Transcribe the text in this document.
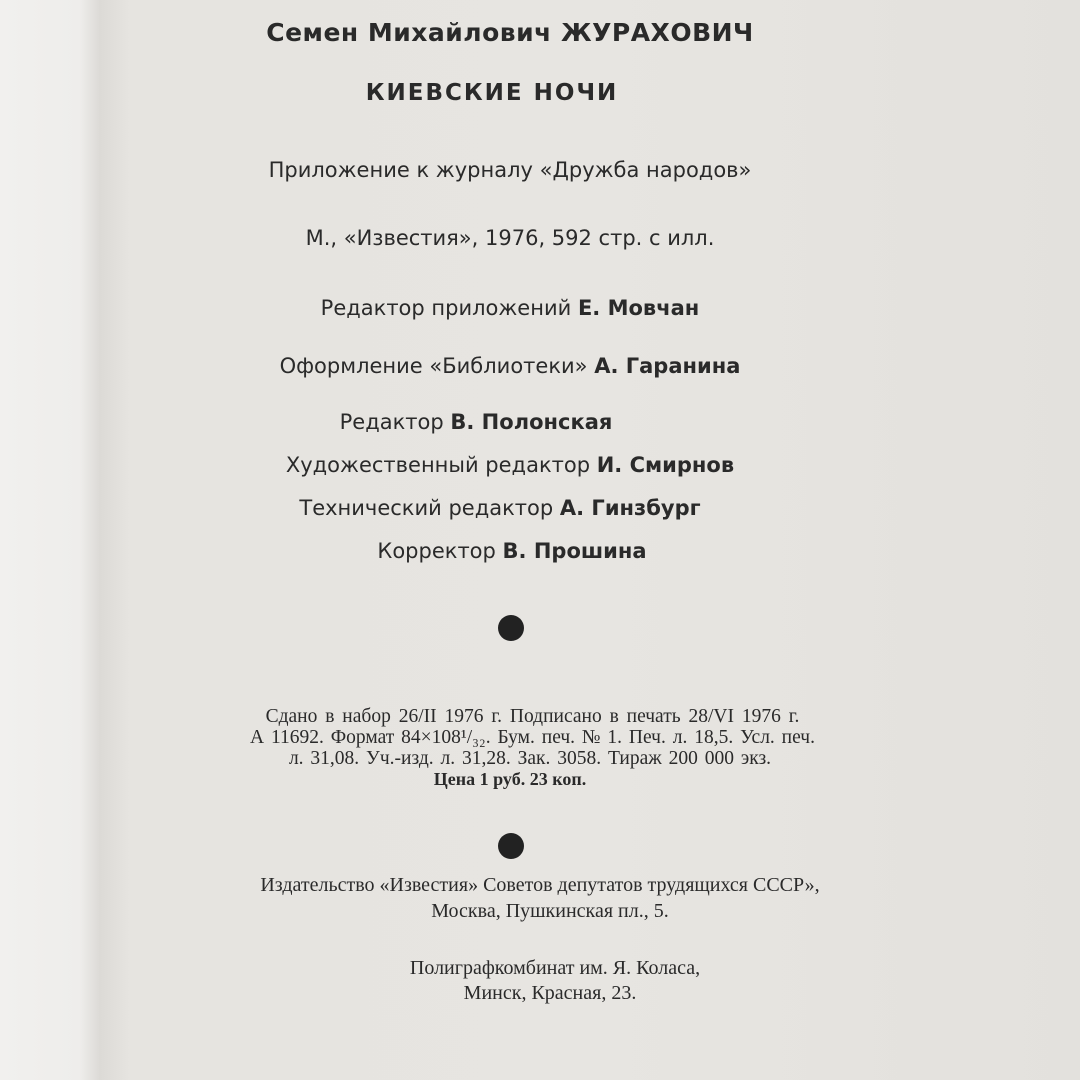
Семен Михайлович ЖУРАХОВИЧ
КИЕВСКИЕ НОЧИ
Приложение к журналу «Дружба народов»
М., «Известия», 1976, 592 стр. с илл.
Редактор приложений Е. Мовчан
Оформление «Библиотеки» А. Гаранина
Редактор В. Полонская
Художественный редактор И. Смирнов
Технический редактор А. Гинзбург
Корректор В. Прошина
Сдано в набор 26/II 1976 г. Подписано в печать 28/VI 1976 г.
А 11692. Формат 84×108¹/₃₂. Бум. печ. № 1. Печ. л. 18,5. Усл. печ.
л. 31,08. Уч.-изд. л. 31,28. Зак. 3058. Тираж 200 000 экз.
Цена 1 руб. 23 коп.
Издательство «Известия» Советов депутатов трудящихся СССР»,
Москва, Пушкинская пл., 5.
Полиграфкомбинат им. Я. Коласа,
Минск, Красная, 23.
